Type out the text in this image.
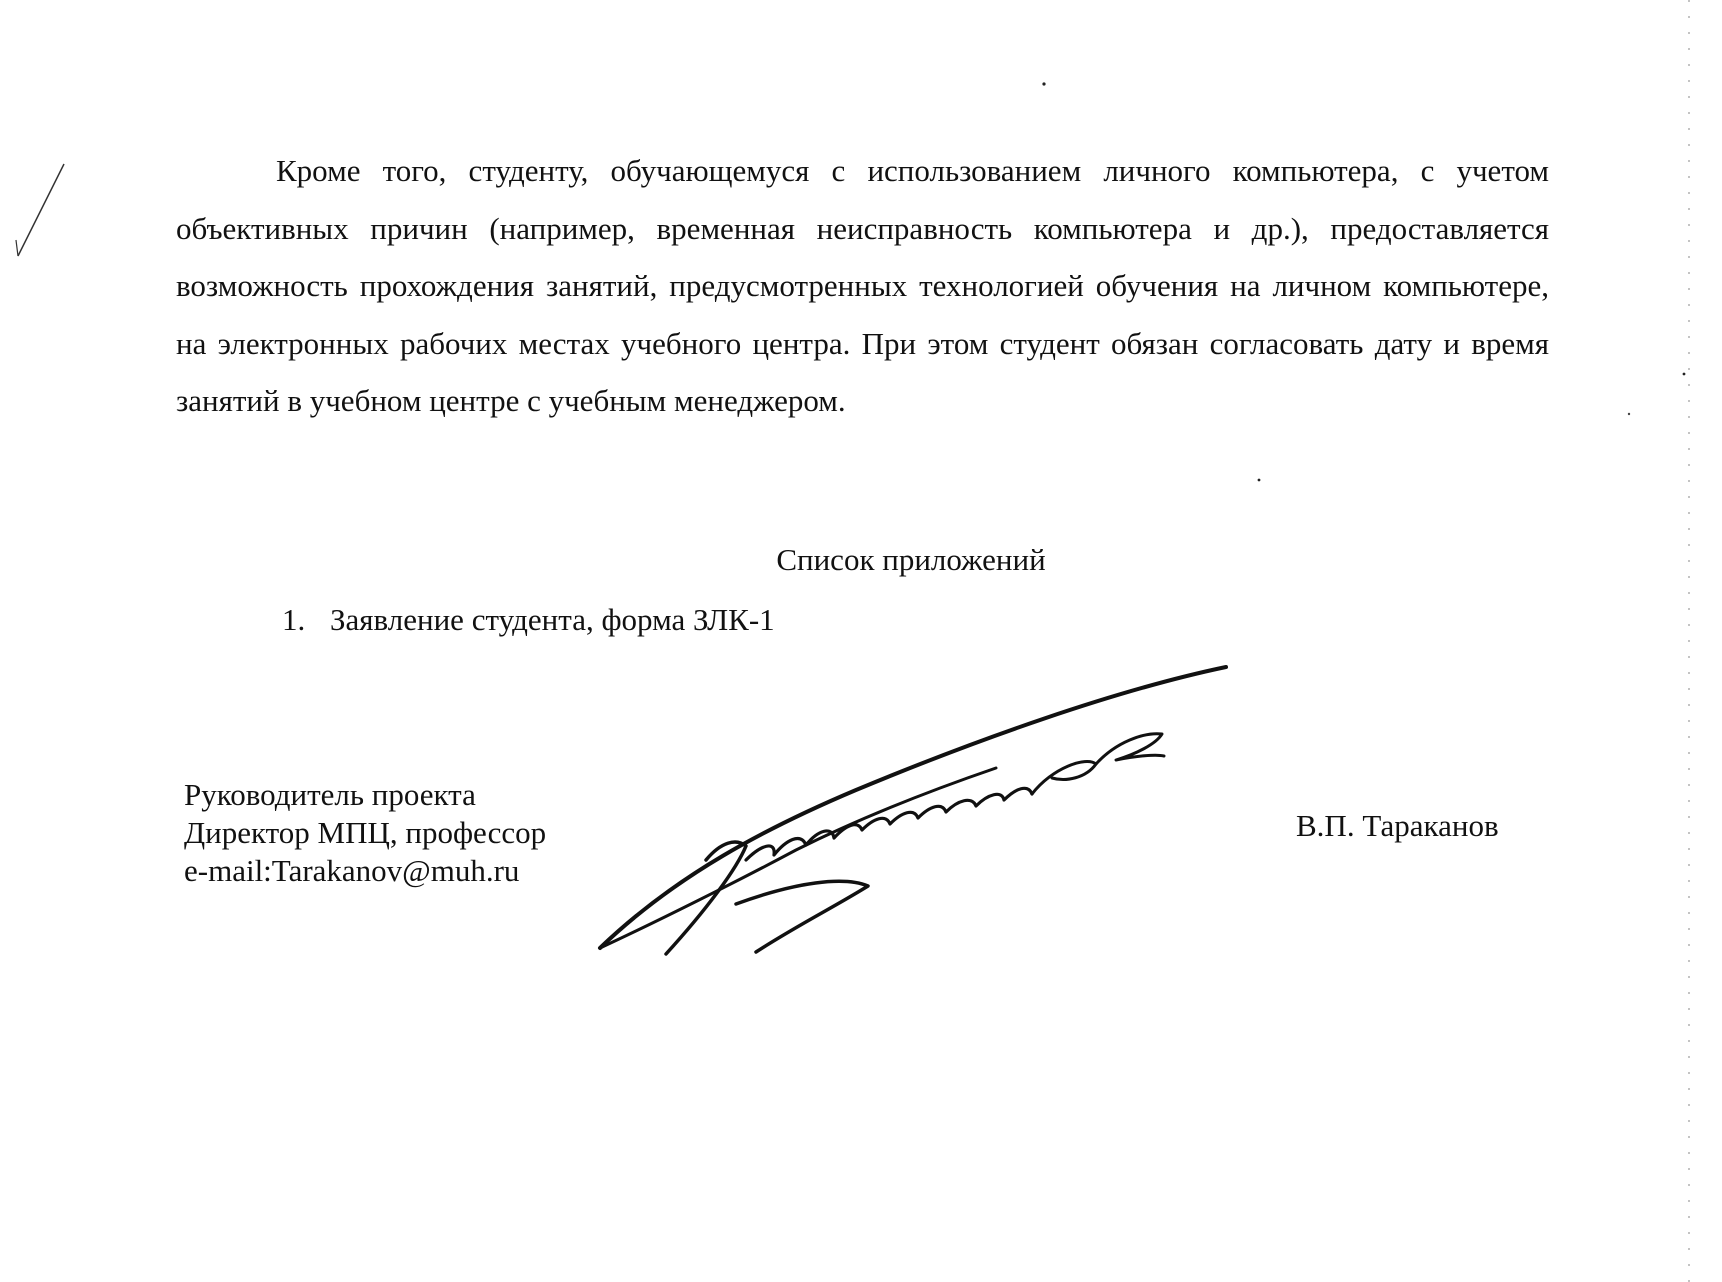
Кроме того, студенту, обучающемуся с использованием личного компьютера, с учетом объективных причин (например, временная неисправность компьютера и др.), предоставляется возможность прохождения занятий, предусмотренных технологией обучения на личном компьютере, на электронных рабочих местах учебного центра. При этом студент обязан согласовать дату и время занятий в учебном центре с учебным менеджером.

Список приложений
1. Заявление студента, форма ЗЛК-1
Руководитель проекта
Директор МПЦ, профессор
e-mail:Tarakanov@muh.ru
В.П. Тараканов
